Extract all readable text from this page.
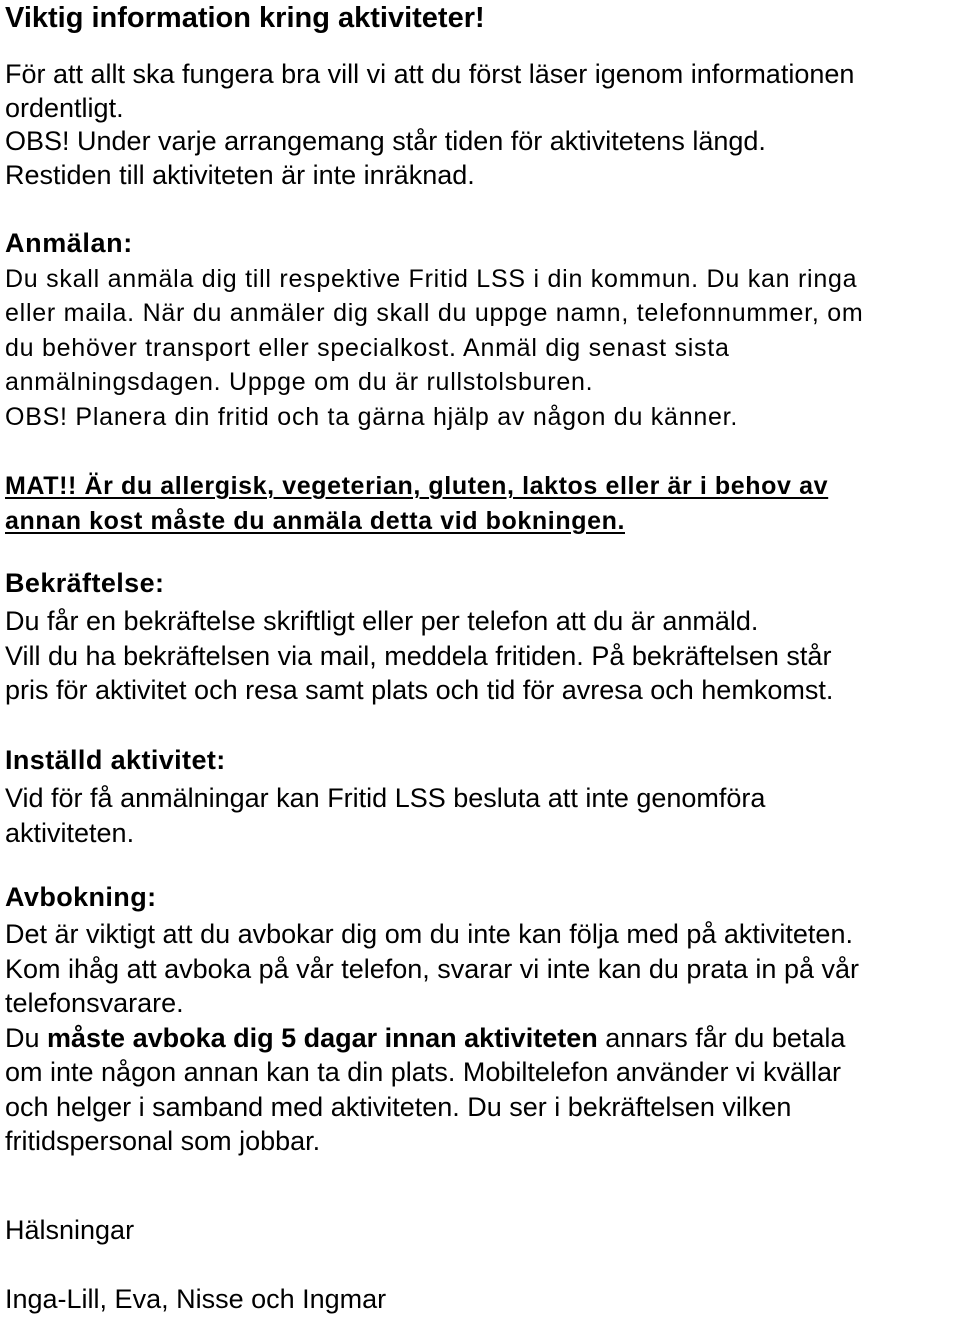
Viktig information kring aktiviteter!
För att allt ska fungera bra vill vi att du först läser igenom informationen
ordentligt.
OBS! Under varje arrangemang står tiden för aktivitetens längd.
Restiden till aktiviteten är inte inräknad.
Anmälan:
Du skall anmäla dig till respektive Fritid LSS i din kommun. Du kan ringa
eller maila. När du anmäler dig skall du uppge namn, telefonnummer, om
du behöver transport eller specialkost. Anmäl dig senast sista
anmälningsdagen. Uppge om du är rullstolsburen.
OBS! Planera din fritid och ta gärna hjälp av någon du känner.
MAT!! Är du allergisk, vegeterian, gluten, laktos eller är i behov av
annan kost måste du anmäla detta vid bokningen.
Bekräftelse:
Du får en bekräftelse skriftligt eller per telefon att du är anmäld.
Vill du ha bekräftelsen via mail, meddela fritiden. På bekräftelsen står
pris för aktivitet och resa samt plats och tid för avresa och hemkomst.
Inställd aktivitet:
Vid för få anmälningar kan Fritid LSS besluta att inte genomföra
aktiviteten.
Avbokning:
Det är viktigt att du avbokar dig om du inte kan följa med på aktiviteten.
Kom ihåg att avboka på vår telefon, svarar vi inte kan du prata in på vår
telefonsvarare.
Du måste avboka dig 5 dagar innan aktiviteten annars får du betala
om inte någon annan kan ta din plats. Mobiltelefon använder vi kvällar
och helger i samband med aktiviteten. Du ser i bekräftelsen vilken
fritidspersonal som jobbar.
Hälsningar
Inga-Lill, Eva, Nisse och Ingmar
